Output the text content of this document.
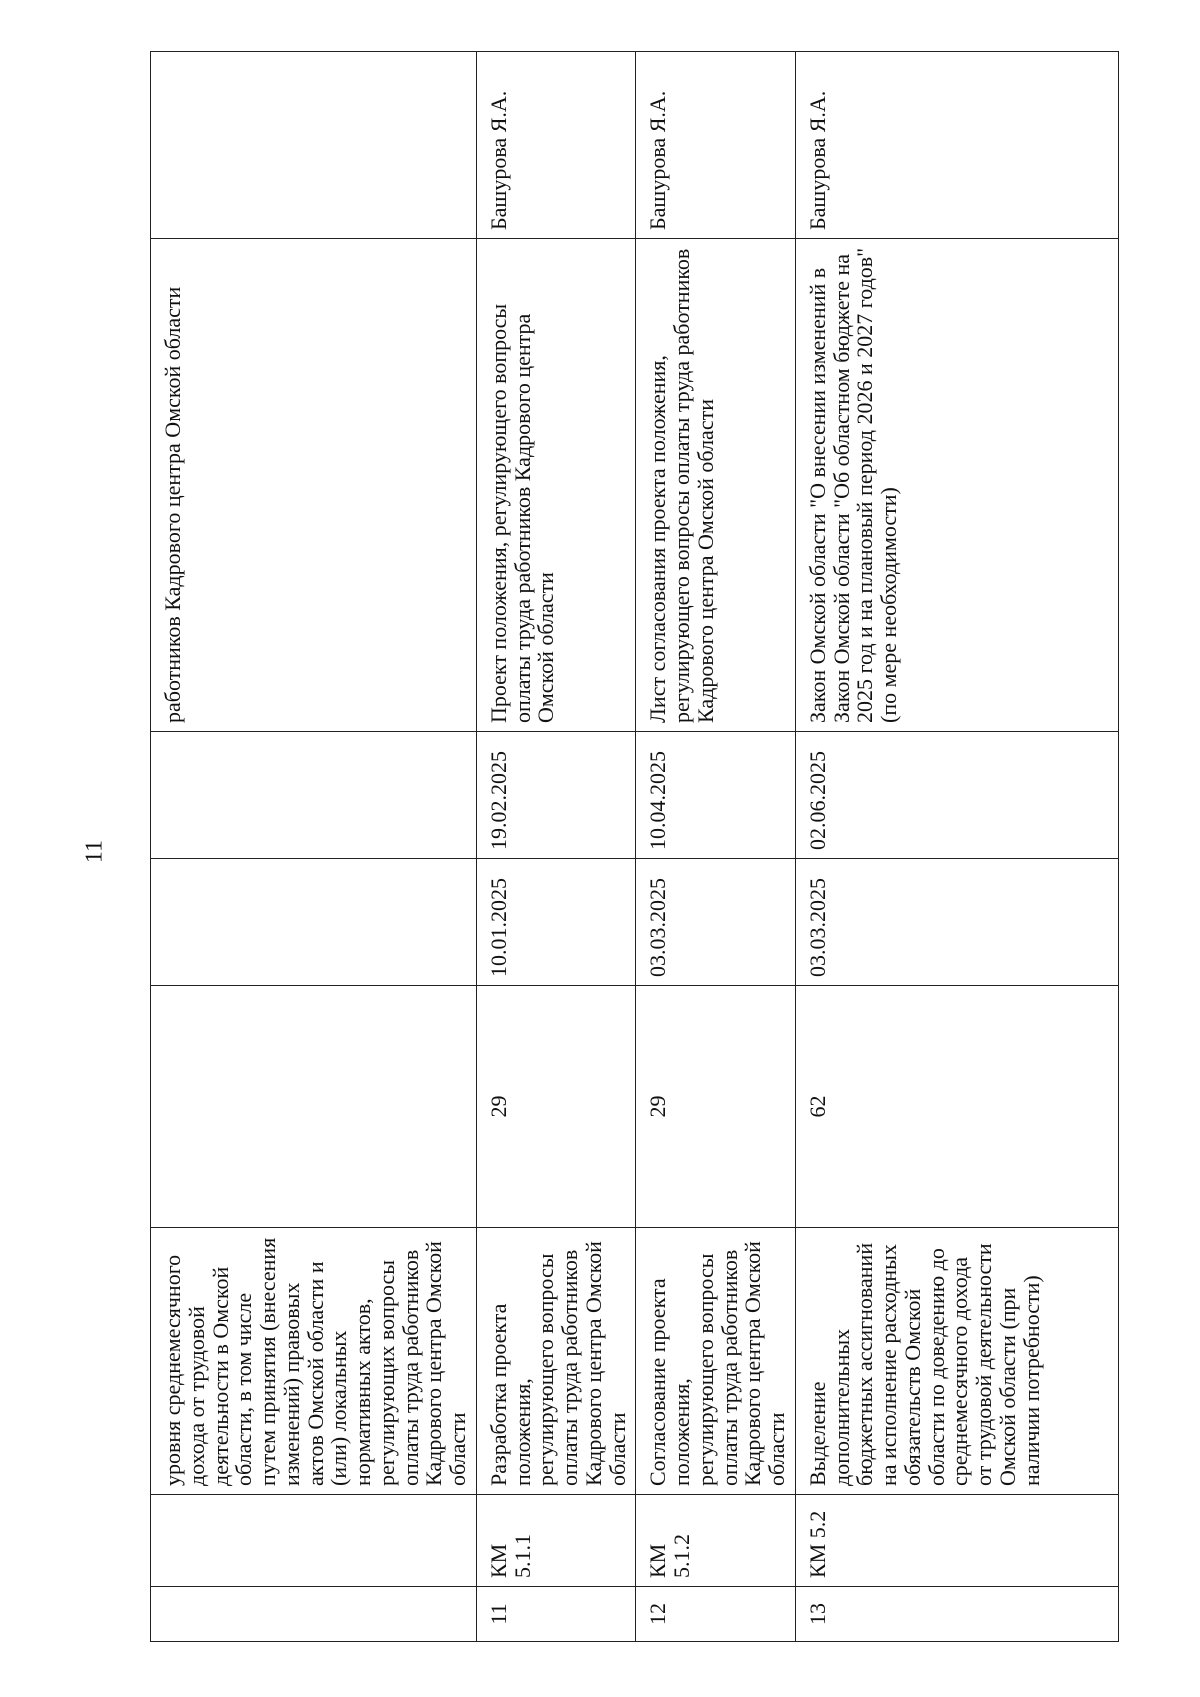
11
		уровня среднемесячного дохода от трудовой деятельности в Омской области, в том числе путем принятия (внесения изменений) правовых актов Омской области и (или) локальных нормативных актов, регулирующих вопросы оплаты труда работников Кадрового центра Омской области				работников Кадрового центра Омской области	
11	КМ 5.1.1	Разработка проекта положения, регулирующего вопросы оплаты труда работников Кадрового центра Омской области	29	10.01.2025	19.02.2025	Проект положения, регулирующего вопросы оплаты труда работников Кадрового центра Омской области	Башурова Я.А.
12	КМ 5.1.2	Согласование проекта положения, регулирующего вопросы оплаты труда работников Кадрового центра Омской области	29	03.03.2025	10.04.2025	Лист согласования проекта положения, регулирующего вопросы оплаты труда работников Кадрового центра Омской области	Башурова Я.А.
13	КМ 5.2	Выделение дополнительных бюджетных ассигнований на исполнение расходных обязательств Омской области по доведению до среднемесячного дохода от трудовой деятельности Омской области (при наличии потребности)	62	03.03.2025	02.06.2025	Закон Омской области "О внесении изменений в Закон Омской области "Об областном бюджете на 2025 год и на плановый период 2026 и 2027 годов" (по мере необходимости)	Башурова Я.А.
